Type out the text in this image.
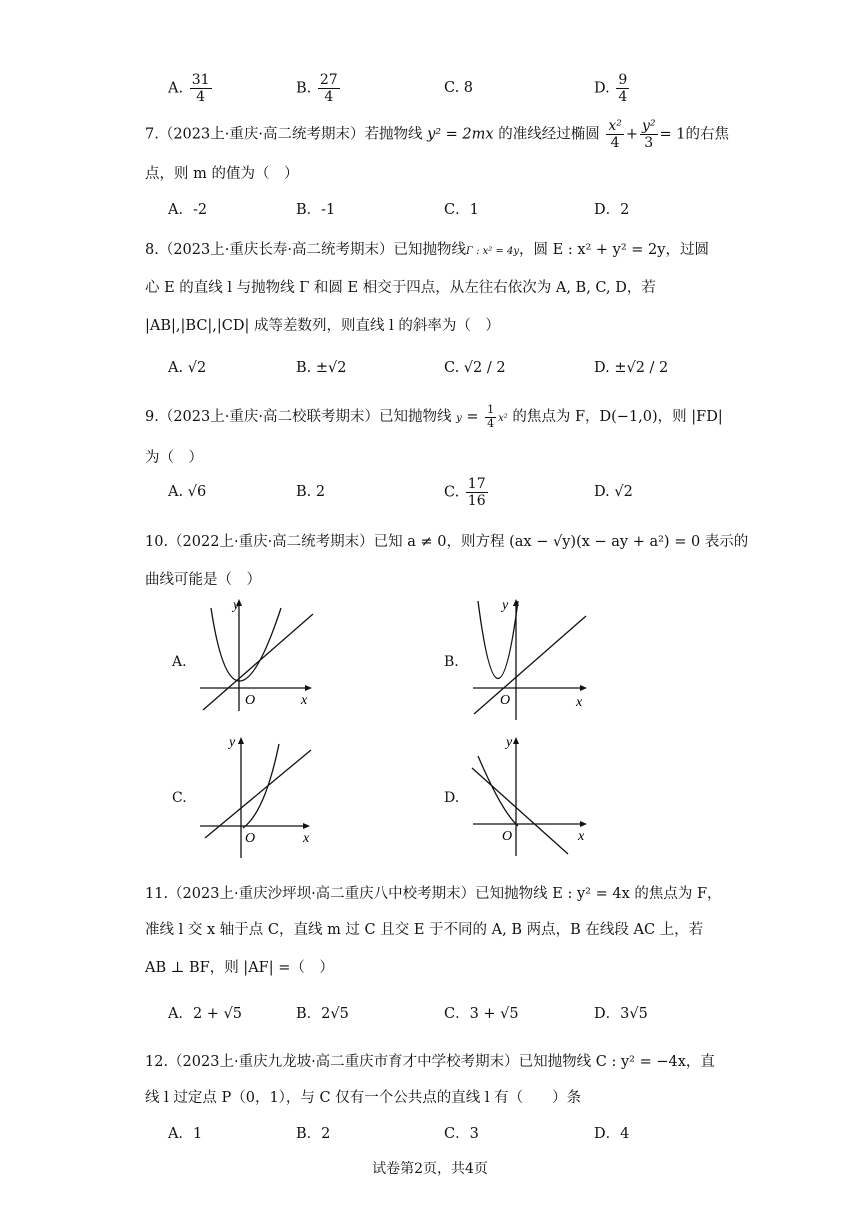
A. $\frac{31}{4}$	B. $\frac{27}{4}$	C. 8	D. $\frac{9}{4}$
7.（2023上·重庆·高二统考期末）若抛物线 y² = 2mx 的准线经过椭圆 $\frac{\text{x²}}{4} + \frac{\text{y²}}{3} = 1$的右焦
点，则 m 的值为（　）
A．-2	B．-1	C．1	D．2
8.（2023上·重庆长寿·高二统考期末）已知抛物线Γ : x² = 4y，圆 E : x² + y² = 2y，过圆
心 E 的直线 l 与抛物线 Γ 和圆 E 相交于四点，从左往右依次为 A, B, C, D，若
|AB|,|BC|,|CD| 成等差数列，则直线 l 的斜率为（　）
A. √2	B. ±√2	C. √2 / 2	D. ±√2 / 2
9.（2023上·重庆·高二校联考期末）已知抛物线 $y = \frac{1}{4} x^2$ 的焦点为 F，D(−1,0)，则 |FD|
为（　）
A. √6	B. 2	C. $\frac{17}{16}$	D. √2
10.（2022上·重庆·高二统考期末）已知 a ≠ 0，则方程 (ax − √y)(x − ay + a²) = 0 表示的
曲线可能是（　）
A.
y
x
O
B.
y
x
O
C.
y
x
O
D.
y
x
O
11.（2023上·重庆沙坪坝·高二重庆八中校考期末）已知抛物线 E : y² = 4x 的焦点为 F，
准线 l 交 x 轴于点 C，直线 m 过 C 且交 E 于不同的 A, B 两点，B 在线段 AC 上，若
AB ⊥ BF，则 |AF| =（　）
A．2 + √5	B．2√5	C．3 + √5	D．3√5
12.（2023上·重庆九龙坡·高二重庆市育才中学校考期末）已知抛物线 C : y² = −4x，直
线 l 过定点 P（0，1），与 C 仅有一个公共点的直线 l 有（　　）条
A．1	B．2	C．3	D．4
试卷第2页，共4页
